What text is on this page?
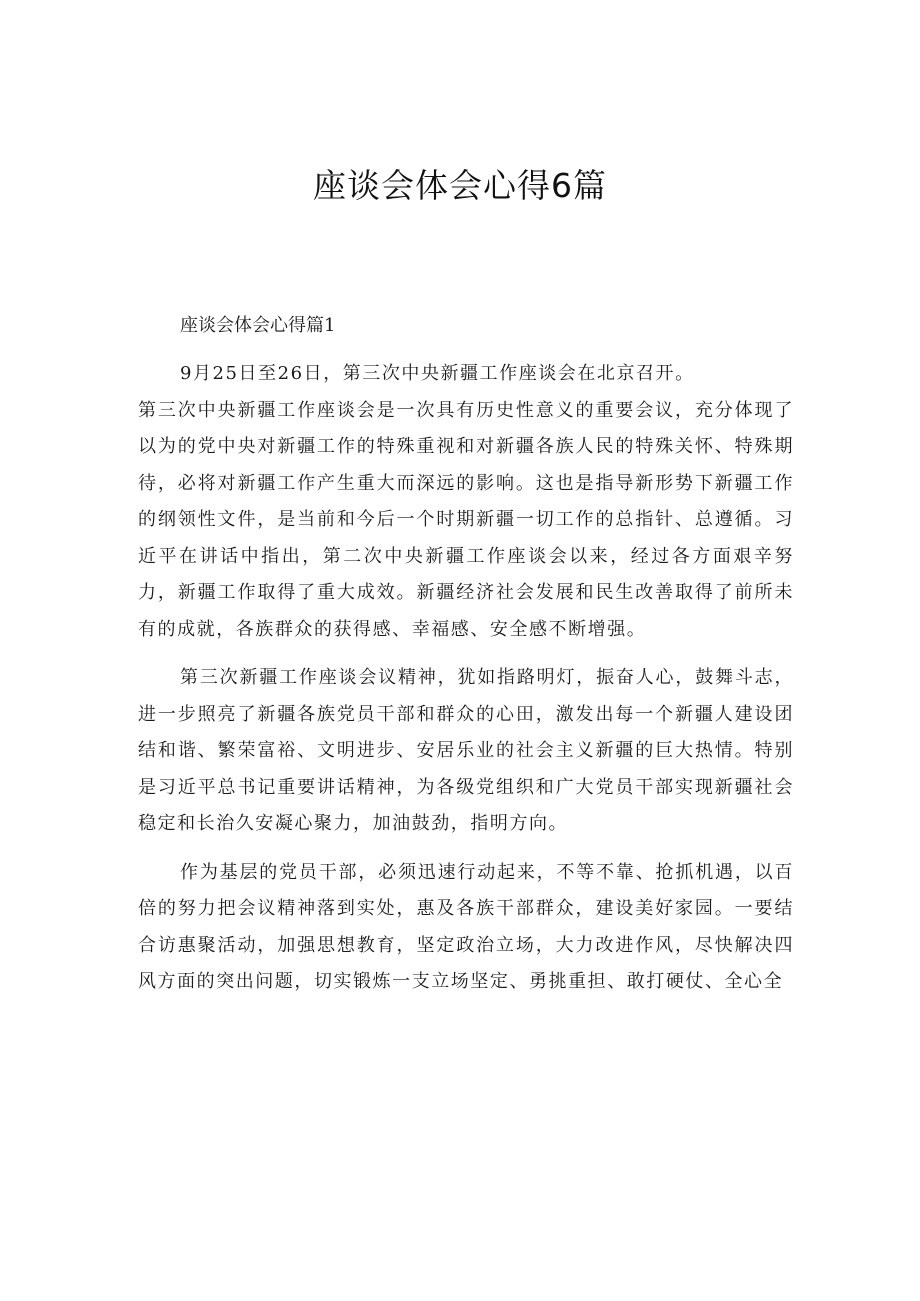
座谈会体会心得6篇

座谈会体会心得篇1

9月25日至26日，第三次中央新疆工作座谈会在北京召开。

第三次中央新疆工作座谈会是一次具有历史性意义的重要会议，充分体现了以为的党中央对新疆工作的特殊重视和对新疆各族人民的特殊关怀、特殊期待，必将对新疆工作产生重大而深远的影响。这也是指导新形势下新疆工作的纲领性文件，是当前和今后一个时期新疆一切工作的总指针、总遵循。习近平在讲话中指出，第二次中央新疆工作座谈会以来，经过各方面艰辛努力，新疆工作取得了重大成效。新疆经济社会发展和民生改善取得了前所未有的成就，各族群众的获得感、幸福感、安全感不断增强。

第三次新疆工作座谈会议精神，犹如指路明灯，振奋人心，鼓舞斗志，进一步照亮了新疆各族党员干部和群众的心田，激发出每一个新疆人建设团结和谐、繁荣富裕、文明进步、安居乐业的社会主义新疆的巨大热情。特别是习近平总书记重要讲话精神，为各级党组织和广大党员干部实现新疆社会稳定和长治久安凝心聚力，加油鼓劲，指明方向。

作为基层的党员干部，必须迅速行动起来，不等不靠、抢抓机遇，以百倍的努力把会议精神落到实处，惠及各族干部群众，建设美好家园。一要结合访惠聚活动，加强思想教育，坚定政治立场，大力改进作风，尽快解决四风方面的突出问题，切实锻炼一支立场坚定、勇挑重担、敢打硬仗、全心全
